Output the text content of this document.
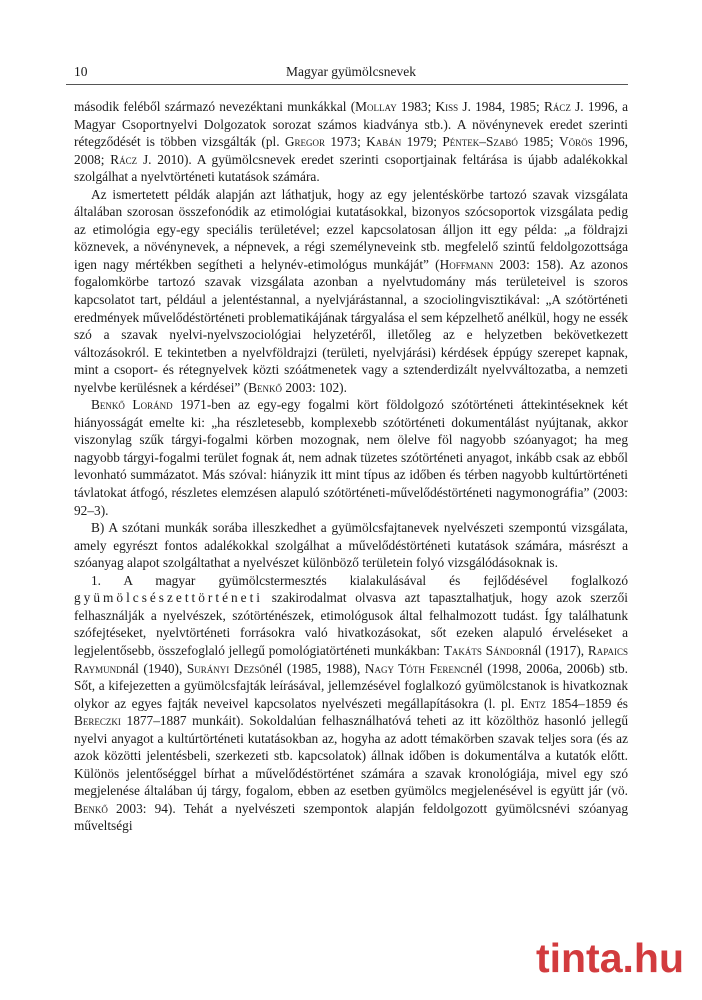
10	Magyar gyümölcsnevek

második feléből származó nevezéktani munkákkal (Mollay 1983; Kiss J. 1984, 1985; Rácz J. 1996, a Magyar Csoportnyelvi Dolgozatok sorozat számos kiadványa stb.). A növénynevek eredet szerinti rétegződését is többen vizsgálták (pl. Gregor 1973; Kabán 1979; Péntek–Szabó 1985; Vörös 1996, 2008; Rácz J. 2010). A gyümölcsnevek eredet szerinti csoportjainak feltárása is újabb adalékokkal szolgálhat a nyelvtörténeti kutatások számára.

Az ismertetett példák alapján azt láthatjuk, hogy az egy jelentéskörbe tartozó szavak vizsgálata általában szorosan összefonódik az etimológiai kutatásokkal, bizonyos szócsoportok vizsgálata pedig az etimológia egy-egy speciális területével; ezzel kapcsolatosan álljon itt egy példa: „a földrajzi köznevek, a növénynevek, a népnevek, a régi személyneveink stb. megfelelő szintű feldolgozottsága igen nagy mértékben segítheti a helynév-etimológus munkáját” (Hoffmann 2003: 158). Az azonos fogalomkörbe tartozó szavak vizsgálata azonban a nyelvtudomány más területeivel is szoros kapcsolatot tart, például a jelentéstannal, a nyelvjárástannal, a szociolingvisztikával: „A szótörténeti eredmények művelődéstörténeti problematikájának tárgyalása el sem képzelhető anélkül, hogy ne essék szó a szavak nyelvi-nyelvszociológiai helyzetéről, illetőleg az e helyzetben bekövetkezett változásokról. E tekintetben a nyelvföldrajzi (területi, nyelvjárási) kérdések éppúgy szerepet kapnak, mint a csoport- és rétegnyelvek közti szóátmenetek vagy a sztenderdizált nyelvváltozatba, a nemzeti nyelvbe kerülésnek a kérdései” (Benkő 2003: 102).

Benkő Loránd 1971-ben az egy-egy fogalmi kört földolgozó szótörténeti áttekintéseknek két hiányosságát emelte ki: „ha részletesebb, komplexebb szótörténeti dokumentálást nyújtanak, akkor viszonylag szűk tárgyi-fogalmi körben mozognak, nem ölelve föl nagyobb szóanyagot; ha meg nagyobb tárgyi-fogalmi terület fognak át, nem adnak tüzetes szótörténeti anyagot, inkább csak az ebből levonható summázatot. Más szóval: hiányzik itt mint típus az időben és térben nagyobb kultúrtörténeti távlatokat átfogó, részletes elemzésen alapuló szótörténeti-művelődéstörténeti nagymonográfia” (2003: 92–3).

B) A szótani munkák sorába illeszkedhet a gyümölcsfajtanevek nyelvészeti szempontú vizsgálata, amely egyrészt fontos adalékokkal szolgálhat a művelődéstörténeti kutatások számára, másrészt a szóanyag alapot szolgáltathat a nyelvészet különböző területein folyó vizsgálódásoknak is.

1. A magyar gyümölcstermesztés kialakulásával és fejlődésével foglalkozó gyümölcsészettörténeti szakirodalmat olvasva azt tapasztalhatjuk, hogy azok szerzői felhasználják a nyelvészek, szótörténészek, etimológusok által felhalmozott tudást. Így találhatunk szófejtéseket, nyelvtörténeti forrásokra való hivatkozásokat, sőt ezeken alapuló érveléseket a legjelentősebb, összefoglaló jellegű pomológiatörténeti munkákban: Takáts Sándornál (1917), Rapaics Raymundnál (1940), Surányi Dezsőnél (1985, 1988), Nagy Tóth Ferencnél (1998, 2006a, 2006b) stb. Sőt, a kifejezetten a gyümölcsfajták leírásával, jellemzésével foglalkozó gyümölcstanok is hivatkoznak olykor az egyes fajták neveivel kapcsolatos nyelvészeti megállapításokra (l. pl. Entz 1854–1859 és Bereczki 1877–1887 munkáit). Sokoldalúan felhasználhatóvá teheti az itt közölthöz hasonló jellegű nyelvi anyagot a kultúrtörténeti kutatásokban az, hogyha az adott témakörben szavak teljes sora (és az azok közötti jelentésbeli, szerkezeti stb. kapcsolatok) állnak időben is dokumentálva a kutatók előtt. Különös jelentőséggel bírhat a művelődéstörténet számára a szavak kronológiája, mivel egy szó megjelenése általában új tárgy, fogalom, ebben az esetben gyümölcs megjelenésével is együtt jár (vö. Benkő 2003: 94). Tehát a nyelvészeti szempontok alapján feldolgozott gyümölcsnévi szóanyag műveltségi

tinta.hu
